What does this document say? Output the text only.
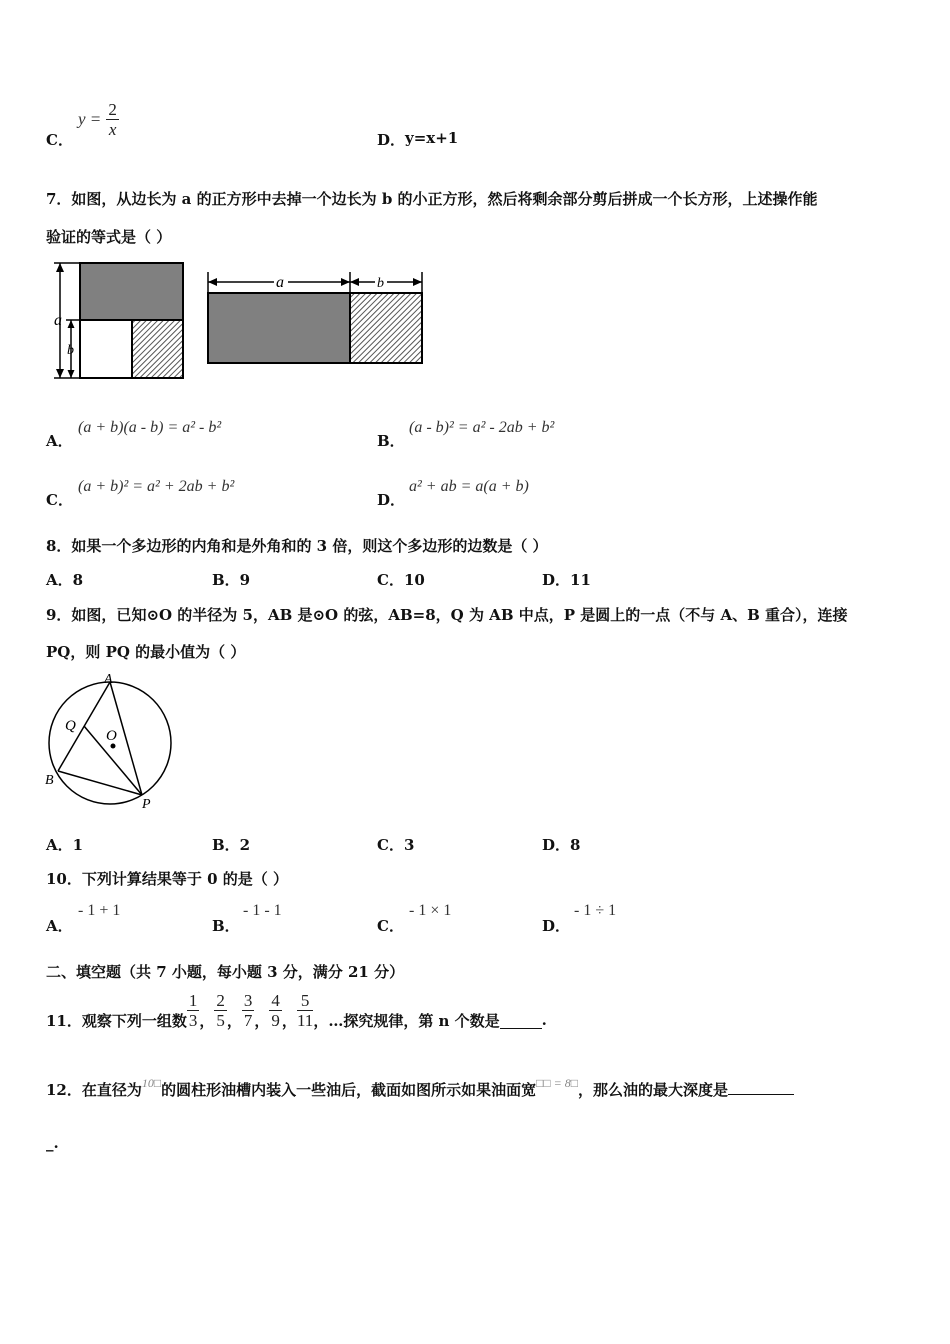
C．
$y = \frac{2}{x}$
D． y=x+1
7．如图，从边长为 a 的正方形中去掉一个边长为 b 的小正方形，然后将剩余部分剪后拼成一个长方形，上述操作能
验证的等式是（ ）
a
b
a	b
A．
(a + b)(a - b) = a² - b²
B．
(a - b)² = a² - 2ab + b²
C．
(a + b)² = a² + 2ab + b²
D．
a² + ab = a(a + b)
8．如果一个多边形的内角和是外角和的 3 倍，则这个多边形的边数是（ ）
A．8	B．9	C．10	D．11
9．如图，已知⊙O 的半径为 5，AB 是⊙O 的弦，AB=8，Q 为 AB 中点，P 是圆上的一点（不与 A、B 重合），连接
PQ，则 PQ 的最小值为（ ）
A
Q
O
B
P
A．1	B．2	C．3	D．8
10．下列计算结果等于 0 的是（ ）
A．
- 1 + 1
B．
- 1 - 1
C．
- 1 × 1
D．
- 1 ÷ 1
二、填空题（共 7 小题，每小题 3 分，满分 21 分）
11．观察下列一组数 $\frac{1}{3}$ ， $\frac{2}{5}$ ， $\frac{3}{7}$ ， $\frac{4}{9}$ ， $\frac{5}{11}$ ，…探究规律，第 n 个数是	.
12．在直径为$^{10□}$的圆柱形油槽内装入一些油后，截面如图所示如果油面宽$^{□□ = 8□}$，那么油的最大深度是
_.
